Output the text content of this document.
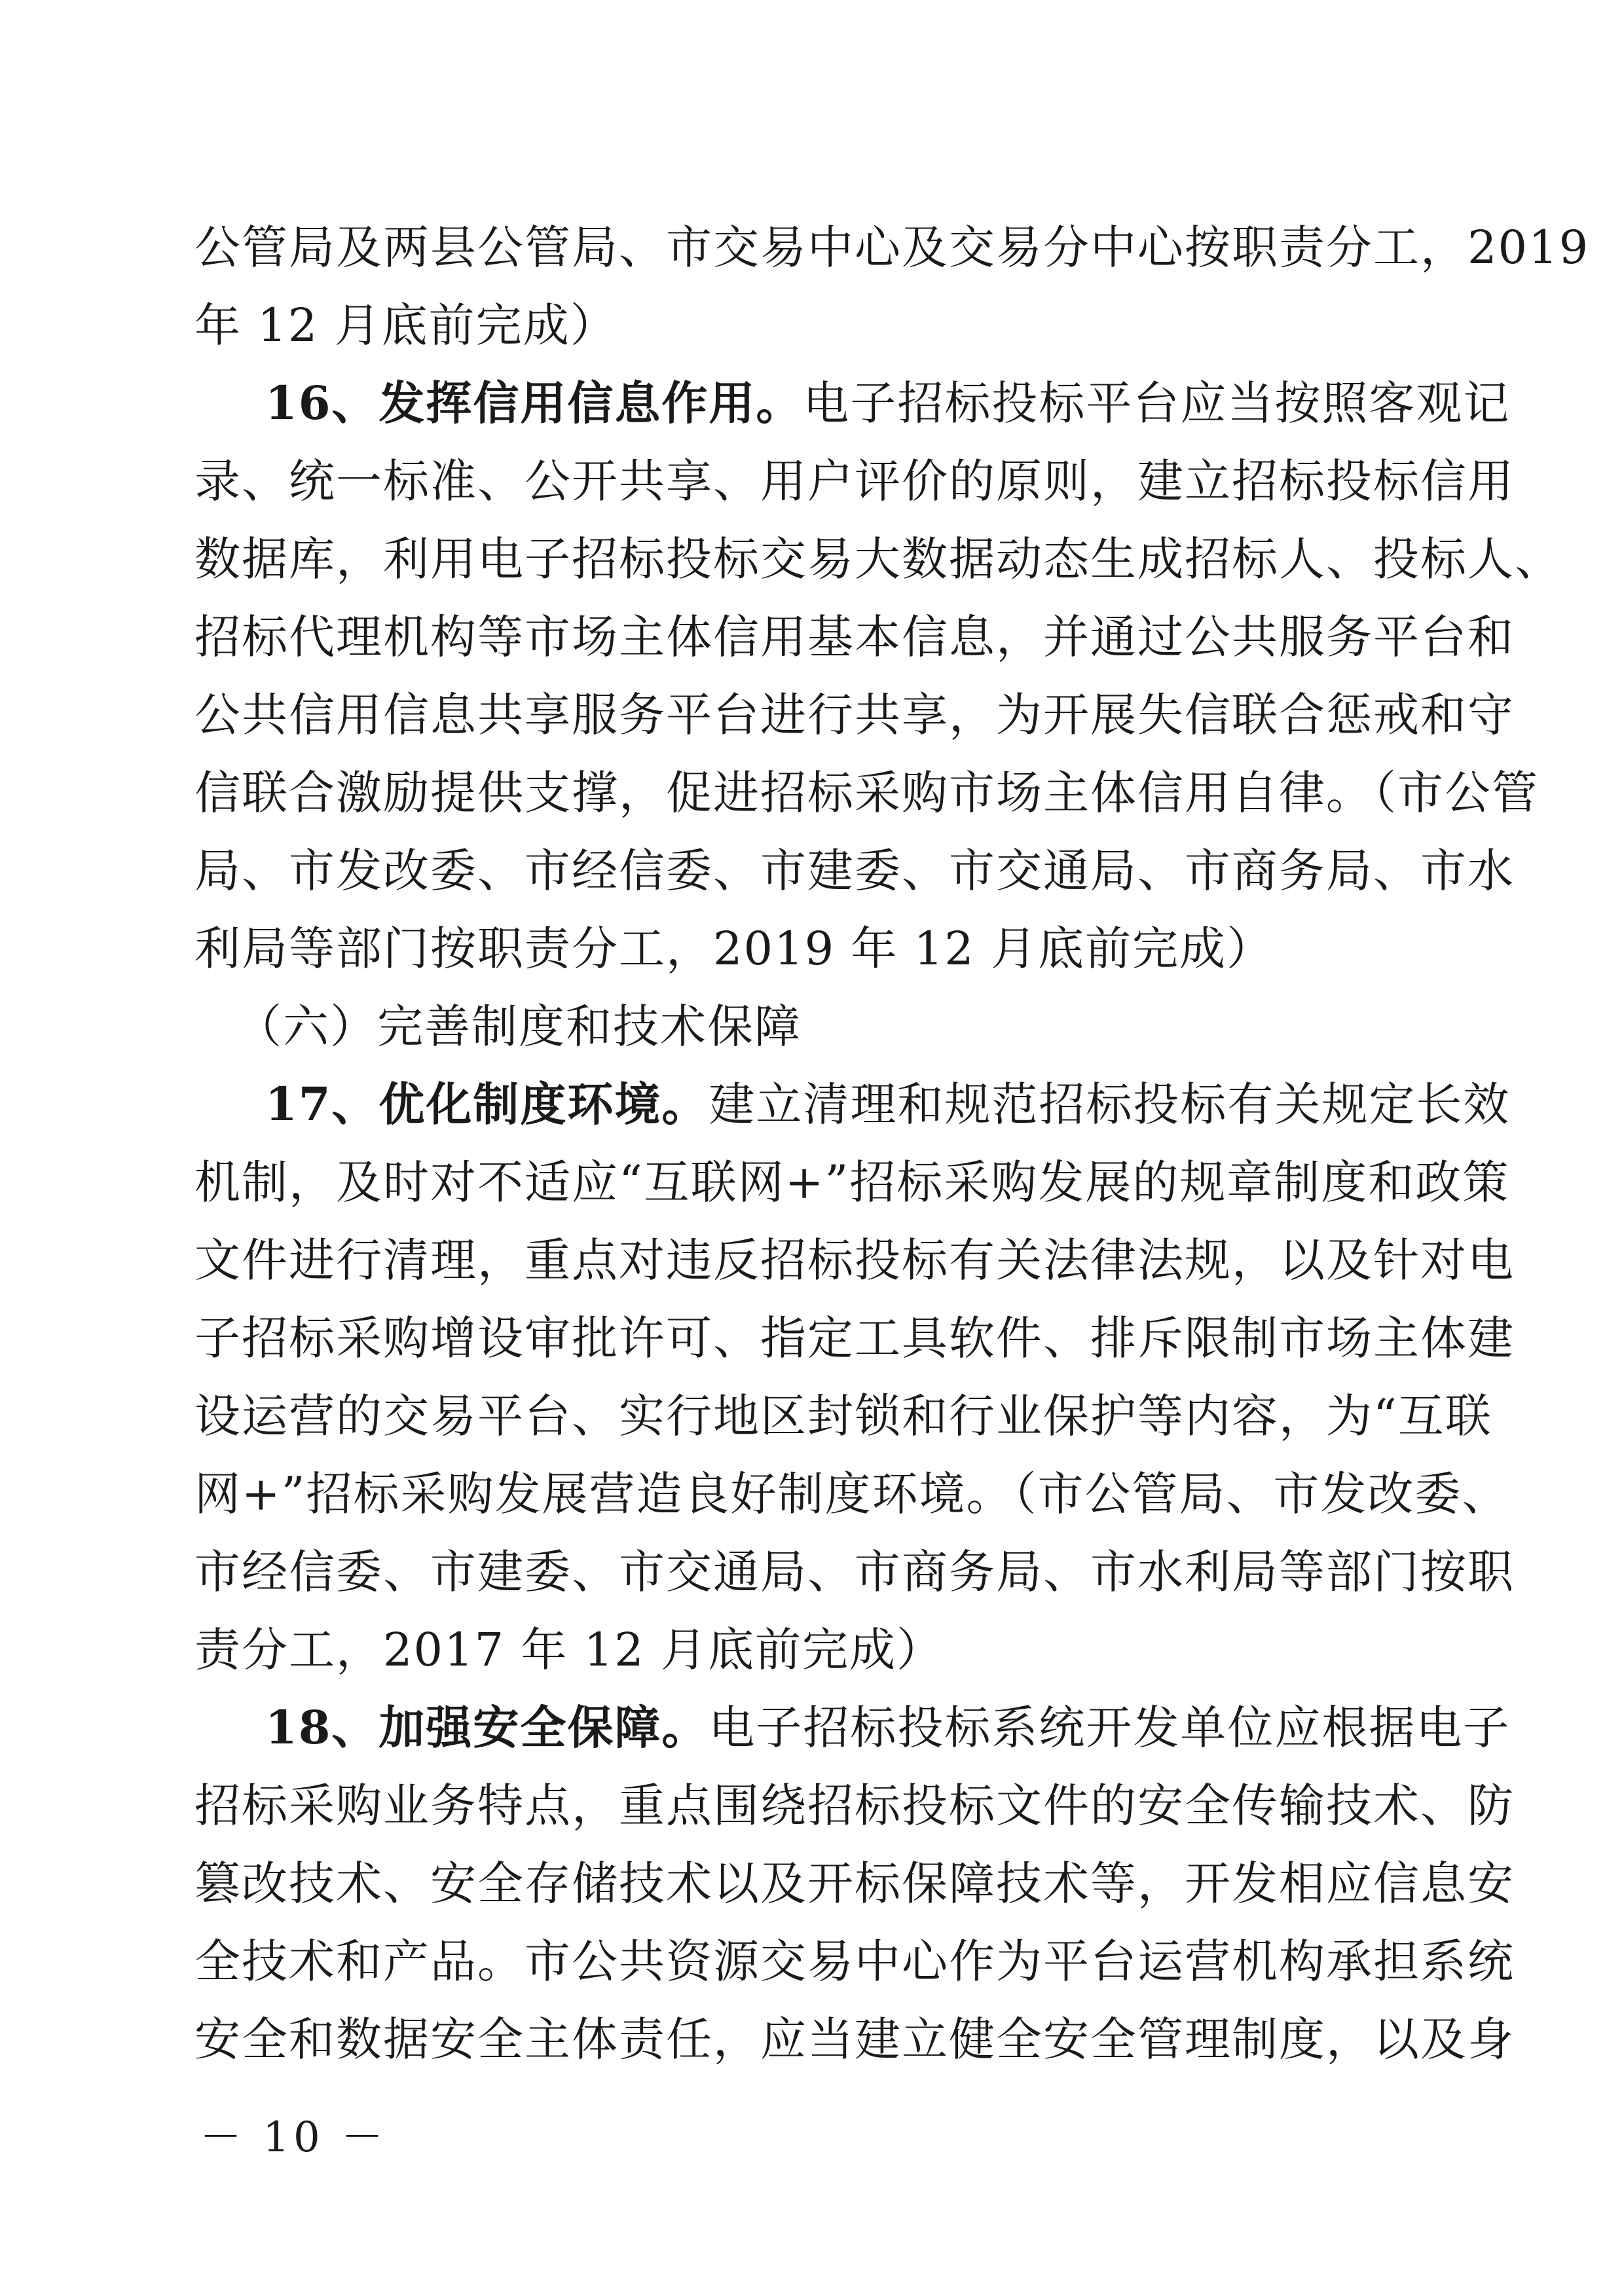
公管局及两县公管局、市交易中心及交易分中心按职责分工，2019
年 12 月底前完成）
16、发挥信用信息作用。电子招标投标平台应当按照客观记
录、统一标准、公开共享、用户评价的原则，建立招标投标信用
数据库，利用电子招标投标交易大数据动态生成招标人、投标人、
招标代理机构等市场主体信用基本信息，并通过公共服务平台和
公共信用信息共享服务平台进行共享，为开展失信联合惩戒和守
信联合激励提供支撑，促进招标采购市场主体信用自律。（市公管
局、市发改委、市经信委、市建委、市交通局、市商务局、市水
利局等部门按职责分工，2019 年 12 月底前完成）
（六）完善制度和技术保障
17、优化制度环境。建立清理和规范招标投标有关规定长效
机制，及时对不适应“互联网+”招标采购发展的规章制度和政策
文件进行清理，重点对违反招标投标有关法律法规，以及针对电
子招标采购增设审批许可、指定工具软件、排斥限制市场主体建
设运营的交易平台、实行地区封锁和行业保护等内容，为“互联
网+”招标采购发展营造良好制度环境。（市公管局、市发改委、
市经信委、市建委、市交通局、市商务局、市水利局等部门按职
责分工，2017 年 12 月底前完成）
18、加强安全保障。电子招标投标系统开发单位应根据电子
招标采购业务特点，重点围绕招标投标文件的安全传输技术、防
篡改技术、安全存储技术以及开标保障技术等，开发相应信息安
全技术和产品。市公共资源交易中心作为平台运营机构承担系统
安全和数据安全主体责任，应当建立健全安全管理制度，以及身
－ 10 －
